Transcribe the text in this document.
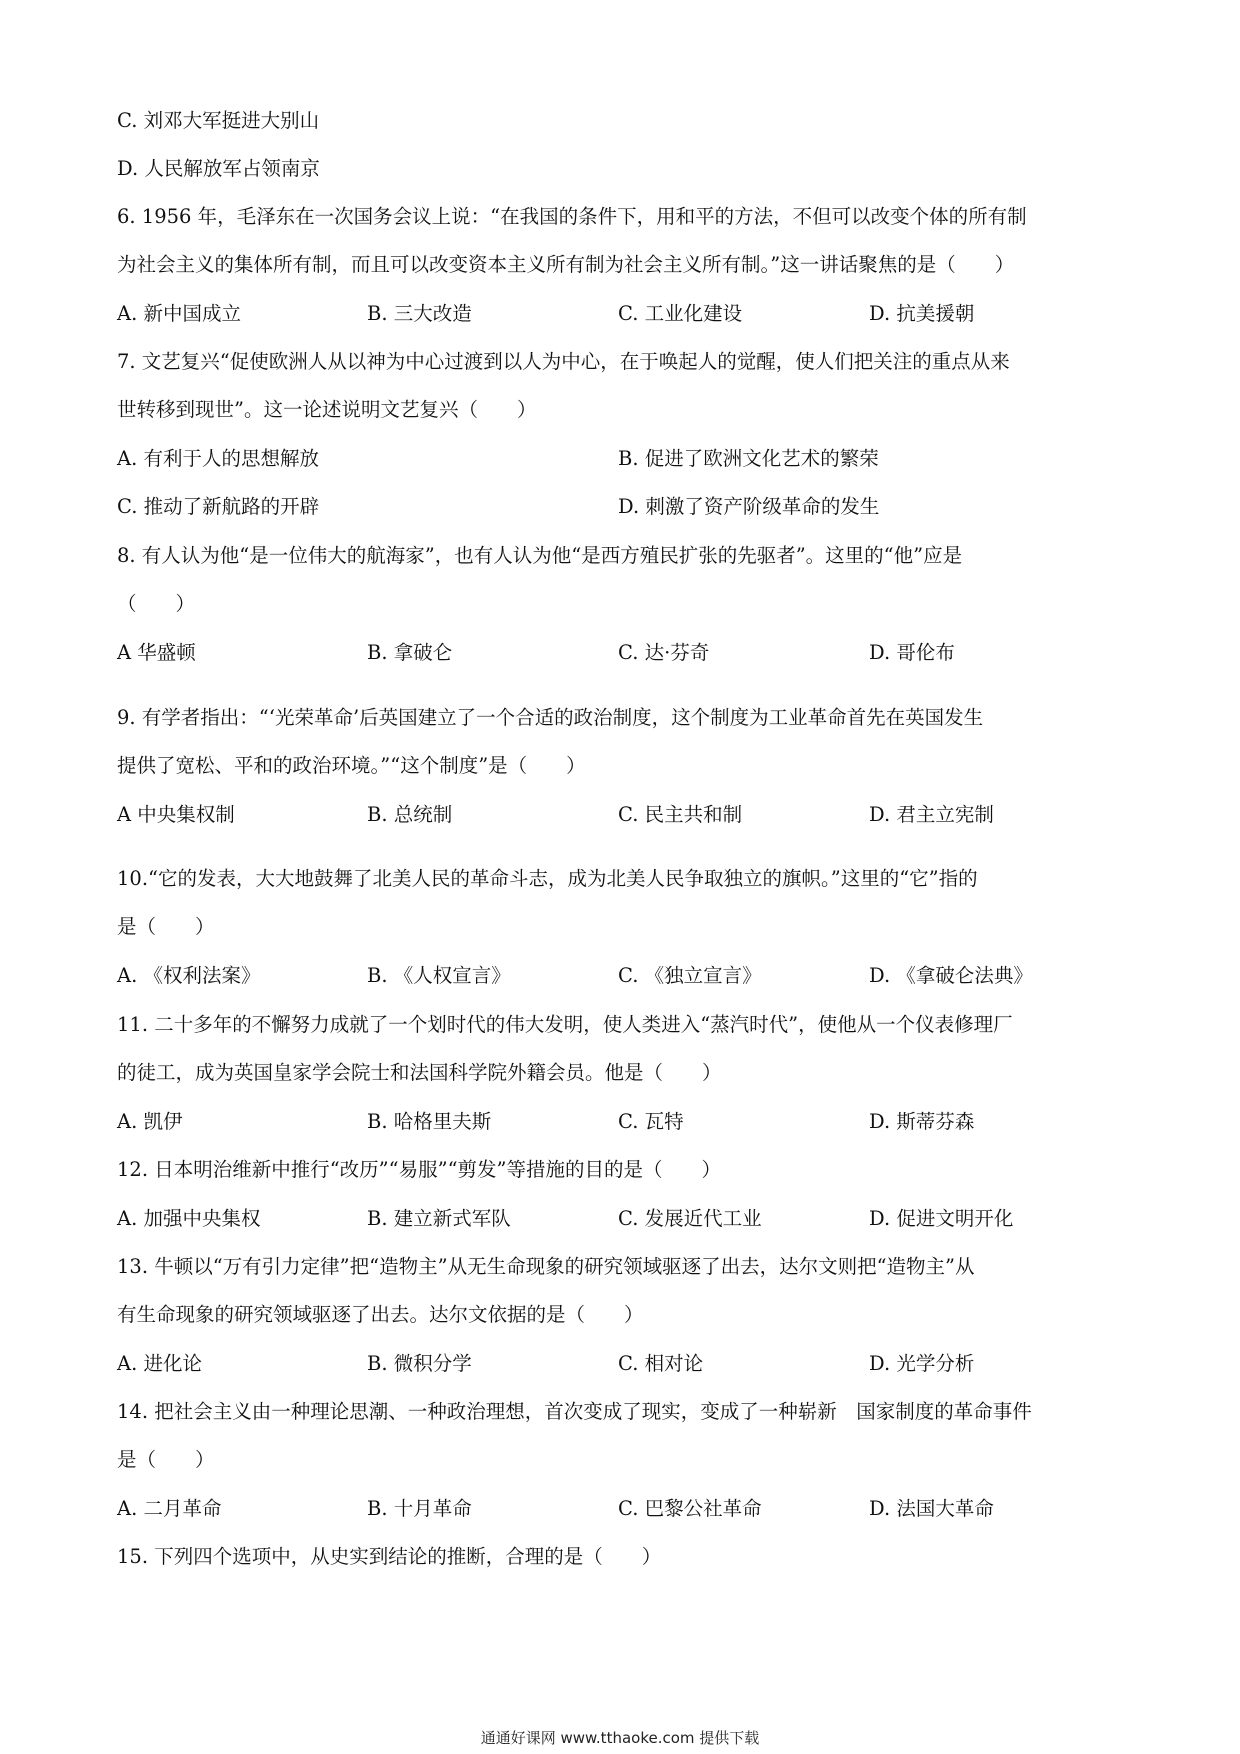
C. 刘邓大军挺进大别山
D. 人民解放军占领南京
6. 1956 年，毛泽东在一次国务会议上说：“在我国的条件下，用和平的方法，不但可以改变个体的所有制
为社会主义的集体所有制，而且可以改变资本主义所有制为社会主义所有制。”这一讲话聚焦的是（　　）
A. 新中国成立	B. 三大改造	C. 工业化建设	D. 抗美援朝
7. 文艺复兴“促使欧洲人从以神为中心过渡到以人为中心，在于唤起人的觉醒，使人们把关注的重点从来
世转移到现世”。这一论述说明文艺复兴（　　）
A. 有利于人的思想解放	B. 促进了欧洲文化艺术的繁荣
C. 推动了新航路的开辟	D. 刺激了资产阶级革命的发生
8. 有人认为他“是一位伟大的航海家”，也有人认为他“是西方殖民扩张的先驱者”。这里的“他”应是
（　　）
A 华盛顿	B. 拿破仑	C. 达·芬奇	D. 哥伦布
9. 有学者指出：“‘光荣革命’后英国建立了一个合适的政治制度，这个制度为工业革命首先在英国发生
提供了宽松、平和的政治环境。”“这个制度”是（　　）
A 中央集权制	B. 总统制	C. 民主共和制	D. 君主立宪制
10.“它的发表，大大地鼓舞了北美人民的革命斗志，成为北美人民争取独立的旗帜。”这里的“它”指的
是（　　）
A. 《权利法案》	B. 《人权宣言》	C. 《独立宣言》	D. 《拿破仑法典》
11. 二十多年的不懈努力成就了一个划时代的伟大发明，使人类进入“蒸汽时代”，使他从一个仪表修理厂
的徒工，成为英国皇家学会院士和法国科学院外籍会员。他是（　　）
A. 凯伊	B. 哈格里夫斯	C. 瓦特	D. 斯蒂芬森
12. 日本明治维新中推行“改历”“易服”“剪发”等措施的目的是（　　）
A. 加强中央集权	B. 建立新式军队	C. 发展近代工业	D. 促进文明开化
13. 牛顿以“万有引力定律”把“造物主”从无生命现象的研究领域驱逐了出去，达尔文则把“造物主”从
有生命现象的研究领域驱逐了出去。达尔文依据的是（　　）
A. 进化论	B. 微积分学	C. 相对论	D. 光学分析
14. 把社会主义由一种理论思潮、一种政治理想，首次变成了现实，变成了一种崭新　国家制度的革命事件
是（　　）
A. 二月革命	B. 十月革命	C. 巴黎公社革命	D. 法国大革命
15. 下列四个选项中，从史实到结论的推断，合理的是（　　）
通通好课网 www.tthaoke.com 提供下载
